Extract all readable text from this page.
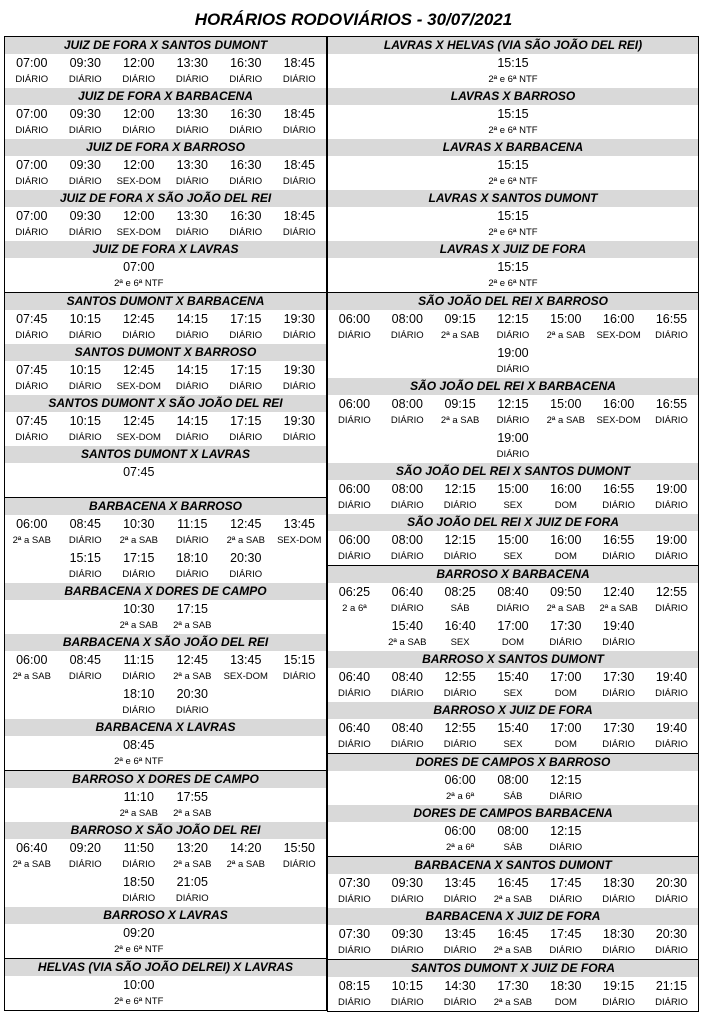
HORÁRIOS RODOVIÁRIOS - 30/07/2021
JUIZ DE FORA X SANTOS DUMONT
07:00	09:30	12:00	13:30	16:30	18:45
DIÁRIO	DIÁRIO	DIÁRIO	DIÁRIO	DIÁRIO	DIÁRIO
JUIZ DE FORA X BARBACENA
07:00	09:30	12:00	13:30	16:30	18:45
DIÁRIO	DIÁRIO	DIÁRIO	DIÁRIO	DIÁRIO	DIÁRIO
JUIZ DE FORA X BARROSO
07:00	09:30	12:00	13:30	16:30	18:45
DIÁRIO	DIÁRIO	SEX-DOM	DIÁRIO	DIÁRIO	DIÁRIO
JUIZ DE FORA X SÃO JOÃO DEL REI
07:00	09:30	12:00	13:30	16:30	18:45
DIÁRIO	DIÁRIO	SEX-DOM	DIÁRIO	DIÁRIO	DIÁRIO
JUIZ DE FORA X LAVRAS
07:00
2ª e 6ª NTF
SANTOS DUMONT X BARBACENA
07:45	10:15	12:45	14:15	17:15	19:30
DIÁRIO	DIÁRIO	DIÁRIO	DIÁRIO	DIÁRIO	DIÁRIO
SANTOS DUMONT X BARROSO
07:45	10:15	12:45	14:15	17:15	19:30
DIÁRIO	DIÁRIO	SEX-DOM	DIÁRIO	DIÁRIO	DIÁRIO
SANTOS DUMONT X SÃO JOÃO DEL REI
07:45	10:15	12:45	14:15	17:15	19:30
DIÁRIO	DIÁRIO	SEX-DOM	DIÁRIO	DIÁRIO	DIÁRIO
SANTOS DUMONT X LAVRAS
07:45
BARBACENA X BARROSO
06:00	08:45	10:30	11:15	12:45	13:45
2ª a SAB	DIÁRIO	2ª a SAB	DIÁRIO	2ª a SAB	SEX-DOM
15:15	17:15	18:10	20:30
DIÁRIO	DIÁRIO	DIÁRIO	DIÁRIO
BARBACENA X DORES DE CAMPO
10:30	17:15
2ª a SAB	2ª a SAB
BARBACENA X SÃO JOÃO DEL REI
06:00	08:45	11:15	12:45	13:45	15:15
2ª a SAB	DIÁRIO	DIÁRIO	2ª a SAB	SEX-DOM	DIÁRIO
18:10	20:30
DIÁRIO	DIÁRIO
BARBACENA X LAVRAS
08:45
2ª e 6ª NTF
BARROSO X DORES DE CAMPO
11:10	17:55
2ª a SAB	2ª a SAB
BARROSO X SÃO JOÃO DEL REI
06:40	09:20	11:50	13:20	14:20	15:50
2ª a SAB	DIÁRIO	DIÁRIO	2ª a SAB	2ª a SAB	DIÁRIO
18:50	21:05
DIÁRIO	DIÁRIO
BARROSO X LAVRAS
09:20
2ª e 6ª NTF
HELVAS (VIA SÃO JOÃO DELREI) X LAVRAS
10:00
2ª e 6ª NTF
LAVRAS X HELVAS (VIA SÃO JOÃO DEL REI)
15:15
2ª e 6ª NTF
LAVRAS X BARROSO
15:15
2ª e 6ª NTF
LAVRAS X BARBACENA
15:15
2ª e 6ª NTF
LAVRAS X SANTOS DUMONT
15:15
2ª e 6ª NTF
LAVRAS X JUIZ DE FORA
15:15
2ª e 6ª NTF
SÃO JOÃO DEL REI X BARROSO
06:00	08:00	09:15	12:15	15:00	16:00	16:55
DIÁRIO	DIÁRIO	2ª a SAB	DIÁRIO	2ª a SAB	SEX-DOM	DIÁRIO
19:00
DIÁRIO
SÃO JOÃO DEL REI X BARBACENA
06:00	08:00	09:15	12:15	15:00	16:00	16:55
DIÁRIO	DIÁRIO	2ª a SAB	DIÁRIO	2ª a SAB	SEX-DOM	DIÁRIO
19:00
DIÁRIO
SÃO JOÃO DEL REI X SANTOS DUMONT
06:00	08:00	12:15	15:00	16:00	16:55	19:00
DIÁRIO	DIÁRIO	DIÁRIO	SEX	DOM	DIÁRIO	DIÁRIO
SÃO JOÃO DEL REI X JUIZ DE FORA
06:00	08:00	12:15	15:00	16:00	16:55	19:00
DIÁRIO	DIÁRIO	DIÁRIO	SEX	DOM	DIÁRIO	DIÁRIO
BARROSO X BARBACENA
06:25	06:40	08:25	08:40	09:50	12:40	12:55
2 a 6ª	DIÁRIO	SÁB	DIÁRIO	2ª a SAB	2ª a SAB	DIÁRIO
15:40	16:40	17:00	17:30	19:40
2ª a SAB	SEX	DOM	DIÁRIO	DIÁRIO
BARROSO X SANTOS DUMONT
06:40	08:40	12:55	15:40	17:00	17:30	19:40
DIÁRIO	DIÁRIO	DIÁRIO	SEX	DOM	DIÁRIO	DIÁRIO
BARROSO X JUIZ DE FORA
06:40	08:40	12:55	15:40	17:00	17:30	19:40
DIÁRIO	DIÁRIO	DIÁRIO	SEX	DOM	DIÁRIO	DIÁRIO
DORES DE CAMPOS X BARROSO
06:00	08:00	12:15
2ª a 6ª	SÁB	DIÁRIO
DORES DE CAMPOS BARBACENA
06:00	08:00	12:15
2ª a 6ª	SÁB	DIÁRIO
BARBACENA X SANTOS DUMONT
07:30	09:30	13:45	16:45	17:45	18:30	20:30
DIÁRIO	DIÁRIO	DIÁRIO	2ª a SAB	DIÁRIO	DIÁRIO	DIÁRIO
BARBACENA X JUIZ DE FORA
07:30	09:30	13:45	16:45	17:45	18:30	20:30
DIÁRIO	DIÁRIO	DIÁRIO	2ª a SAB	DIÁRIO	DIÁRIO	DIÁRIO
SANTOS DUMONT X JUIZ DE FORA
08:15	10:15	14:30	17:30	18:30	19:15	21:15
DIÁRIO	DIÁRIO	DIÁRIO	2ª a SAB	DOM	DIÁRIO	DIÁRIO
